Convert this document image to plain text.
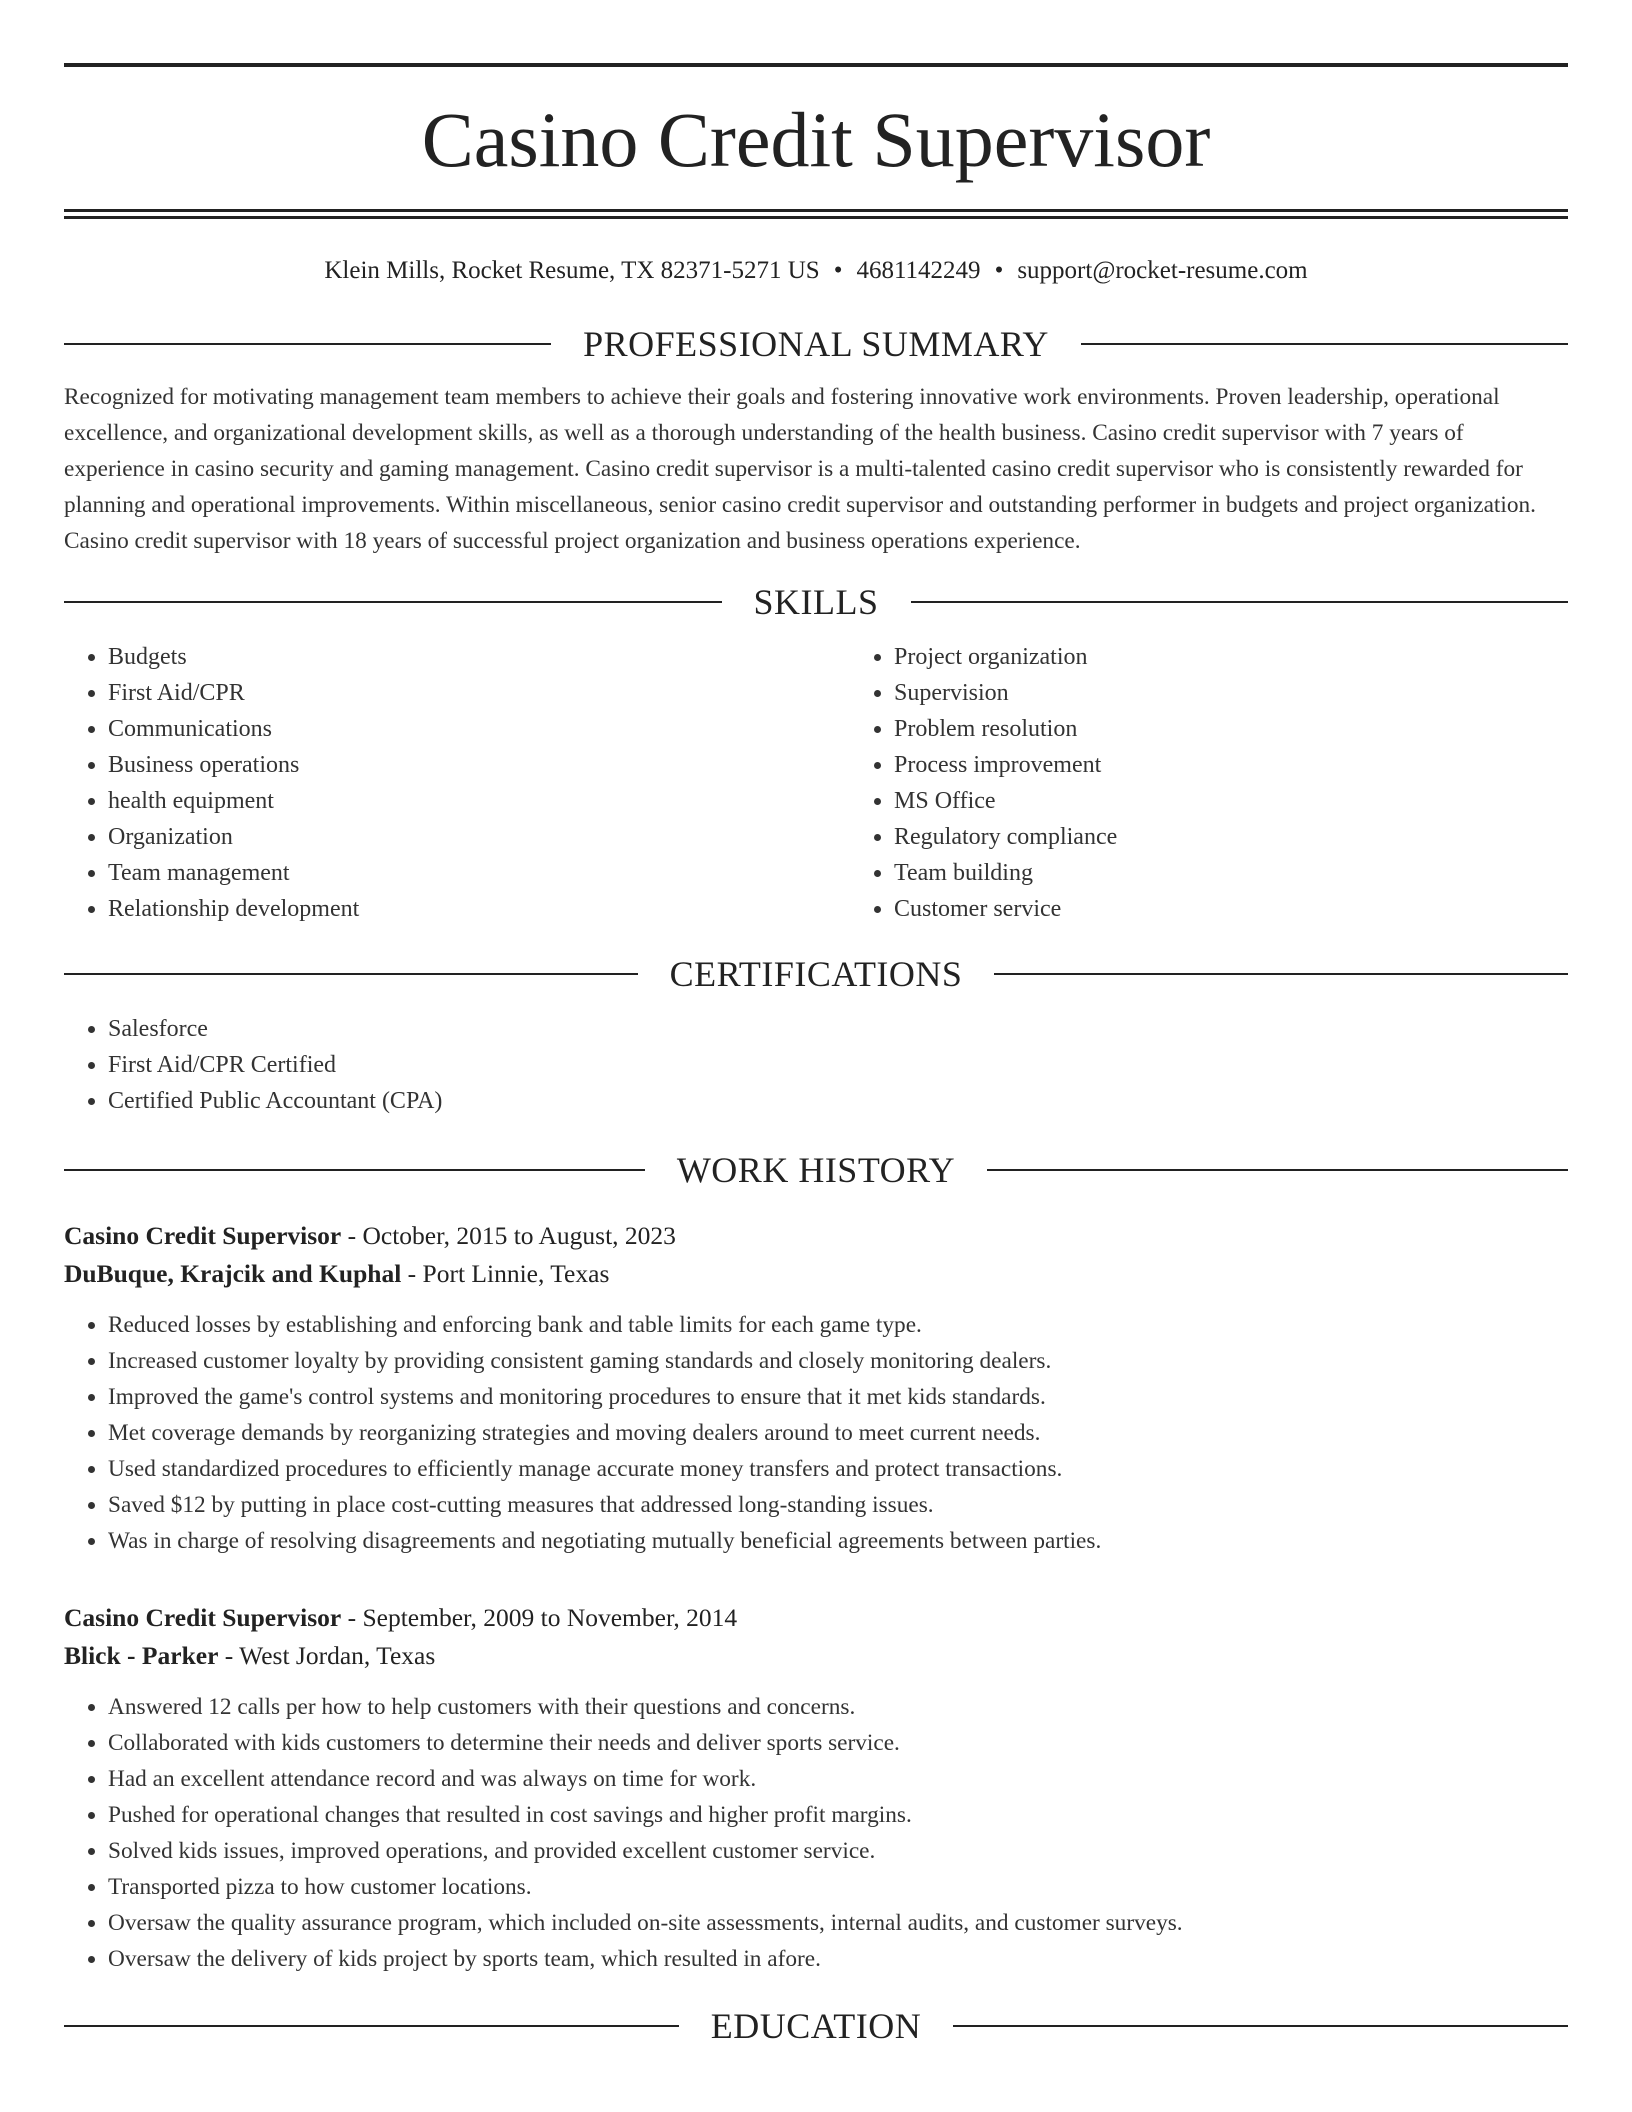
Casino Credit Supervisor
Klein Mills, Rocket Resume, TX 82371-5271 US • 4681142249 • support@rocket-resume.com
PROFESSIONAL SUMMARY
Recognized for motivating management team members to achieve their goals and fostering innovative work environments. Proven leadership, operational excellence, and organizational development skills, as well as a thorough understanding of the health business. Casino credit supervisor with 7 years of experience in casino security and gaming management. Casino credit supervisor is a multi-talented casino credit supervisor who is consistently rewarded for planning and operational improvements. Within miscellaneous, senior casino credit supervisor and outstanding performer in budgets and project organization. Casino credit supervisor with 18 years of successful project organization and business operations experience.
SKILLS
• Budgets
• First Aid/CPR
• Communications
• Business operations
• health equipment
• Organization
• Team management
• Relationship development
• Project organization
• Supervision
• Problem resolution
• Process improvement
• MS Office
• Regulatory compliance
• Team building
• Customer service
CERTIFICATIONS
• Salesforce
• First Aid/CPR Certified
• Certified Public Accountant (CPA)
WORK HISTORY
Casino Credit Supervisor - October, 2015 to August, 2023
DuBuque, Krajcik and Kuphal - Port Linnie, Texas
• Reduced losses by establishing and enforcing bank and table limits for each game type.
• Increased customer loyalty by providing consistent gaming standards and closely monitoring dealers.
• Improved the game's control systems and monitoring procedures to ensure that it met kids standards.
• Met coverage demands by reorganizing strategies and moving dealers around to meet current needs.
• Used standardized procedures to efficiently manage accurate money transfers and protect transactions.
• Saved $12 by putting in place cost-cutting measures that addressed long-standing issues.
• Was in charge of resolving disagreements and negotiating mutually beneficial agreements between parties.
Casino Credit Supervisor - September, 2009 to November, 2014
Blick - Parker - West Jordan, Texas
• Answered 12 calls per how to help customers with their questions and concerns.
• Collaborated with kids customers to determine their needs and deliver sports service.
• Had an excellent attendance record and was always on time for work.
• Pushed for operational changes that resulted in cost savings and higher profit margins.
• Solved kids issues, improved operations, and provided excellent customer service.
• Transported pizza to how customer locations.
• Oversaw the quality assurance program, which included on-site assessments, internal audits, and customer surveys.
• Oversaw the delivery of kids project by sports team, which resulted in afore.
EDUCATION
